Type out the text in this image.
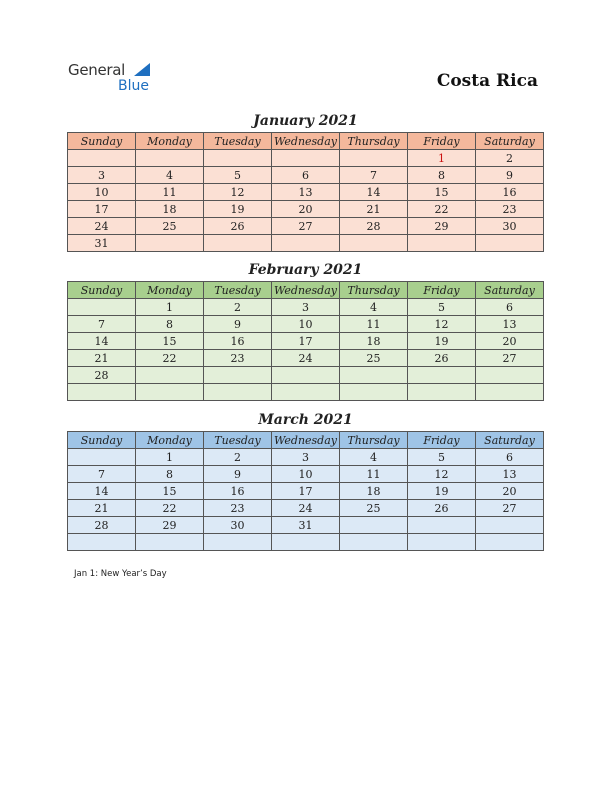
General
Blue	Costa Rica
January 2021
Sunday	Monday	Tuesday	Wednesday	Thursday	Friday	Saturday
					1	2
3	4	5	6	7	8	9
10	11	12	13	14	15	16
17	18	19	20	21	22	23
24	25	26	27	28	29	30
31						
February 2021
Sunday	Monday	Tuesday	Wednesday	Thursday	Friday	Saturday
	1	2	3	4	5	6
7	8	9	10	11	12	13
14	15	16	17	18	19	20
21	22	23	24	25	26	27
28						

March 2021
Sunday	Monday	Tuesday	Wednesday	Thursday	Friday	Saturday
	1	2	3	4	5	6
7	8	9	10	11	12	13
14	15	16	17	18	19	20
21	22	23	24	25	26	27
28	29	30	31			

Jan 1: New Year’s Day
